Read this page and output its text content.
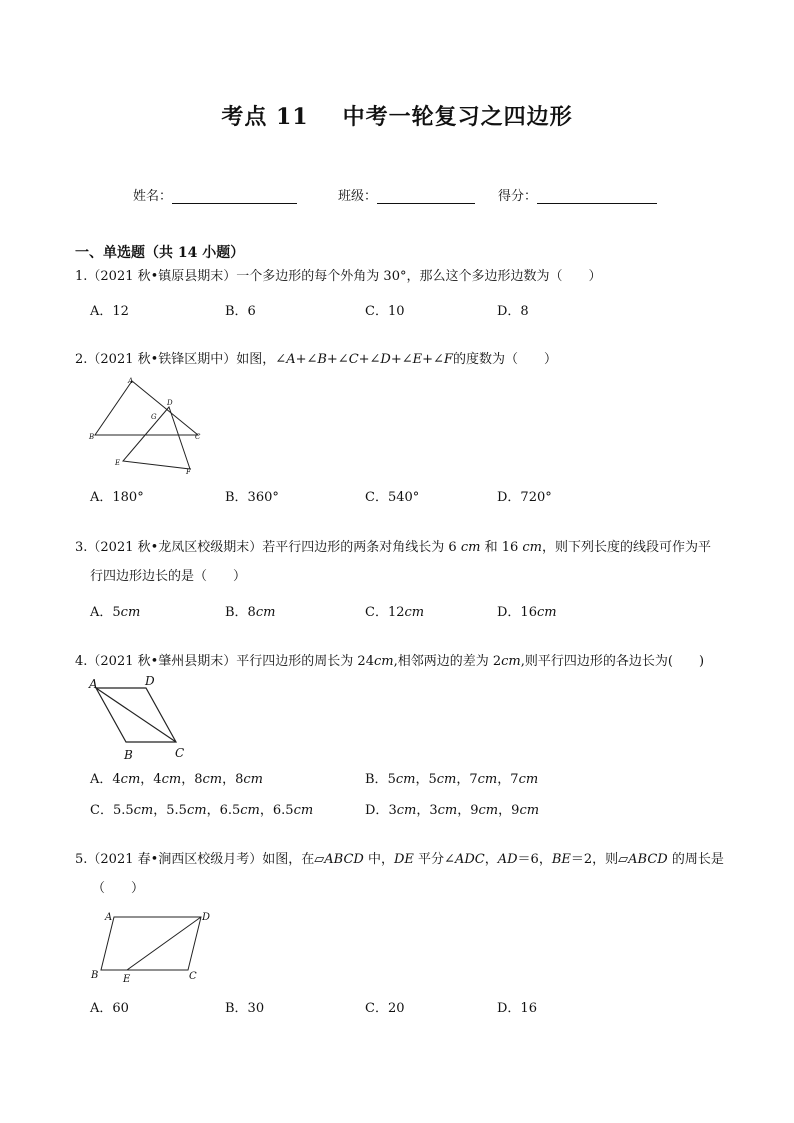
考点 11 中考一轮复习之四边形
姓名：	班级：	得分：
一、单选题（共 14 小题）
1.（2021 秋•镇原县期末）一个多边形的每个外角为 30°，那么这个多边形边数为（　　）
A．12	B．6	C．10	D．8
2.（2021 秋•铁锋区期中）如图，∠A+∠B+∠C+∠D+∠E+∠F的度数为（　　）
A
B	C
D
E
F
G
A．180°	B．360°	C．540°	D．720°
3.（2021 秋•龙凤区校级期末）若平行四边形的两条对角线长为 6 cm 和 16 cm，则下列长度的线段可作为平
行四边形边长的是（　　）
A．5cm	B．8cm	C．12cm	D．16cm
4.（2021 秋•肇州县期末）平行四边形的周长为 24cm,相邻两边的差为 2cm,则平行四边形的各边长为(　　)
A	D
B	C
A．4cm，4cm，8cm，8cm	B．5cm，5cm，7cm，7cm
C．5.5cm，5.5cm，6.5cm，6.5cm	D．3cm，3cm，9cm，9cm
5.（2021 春•涧西区校级月考）如图，在▱ABCD 中，DE 平分∠ADC，AD＝6，BE＝2，则▱ABCD 的周长是
（　　）
A	D
B E	C
A．60	B．30	C．20	D．16
